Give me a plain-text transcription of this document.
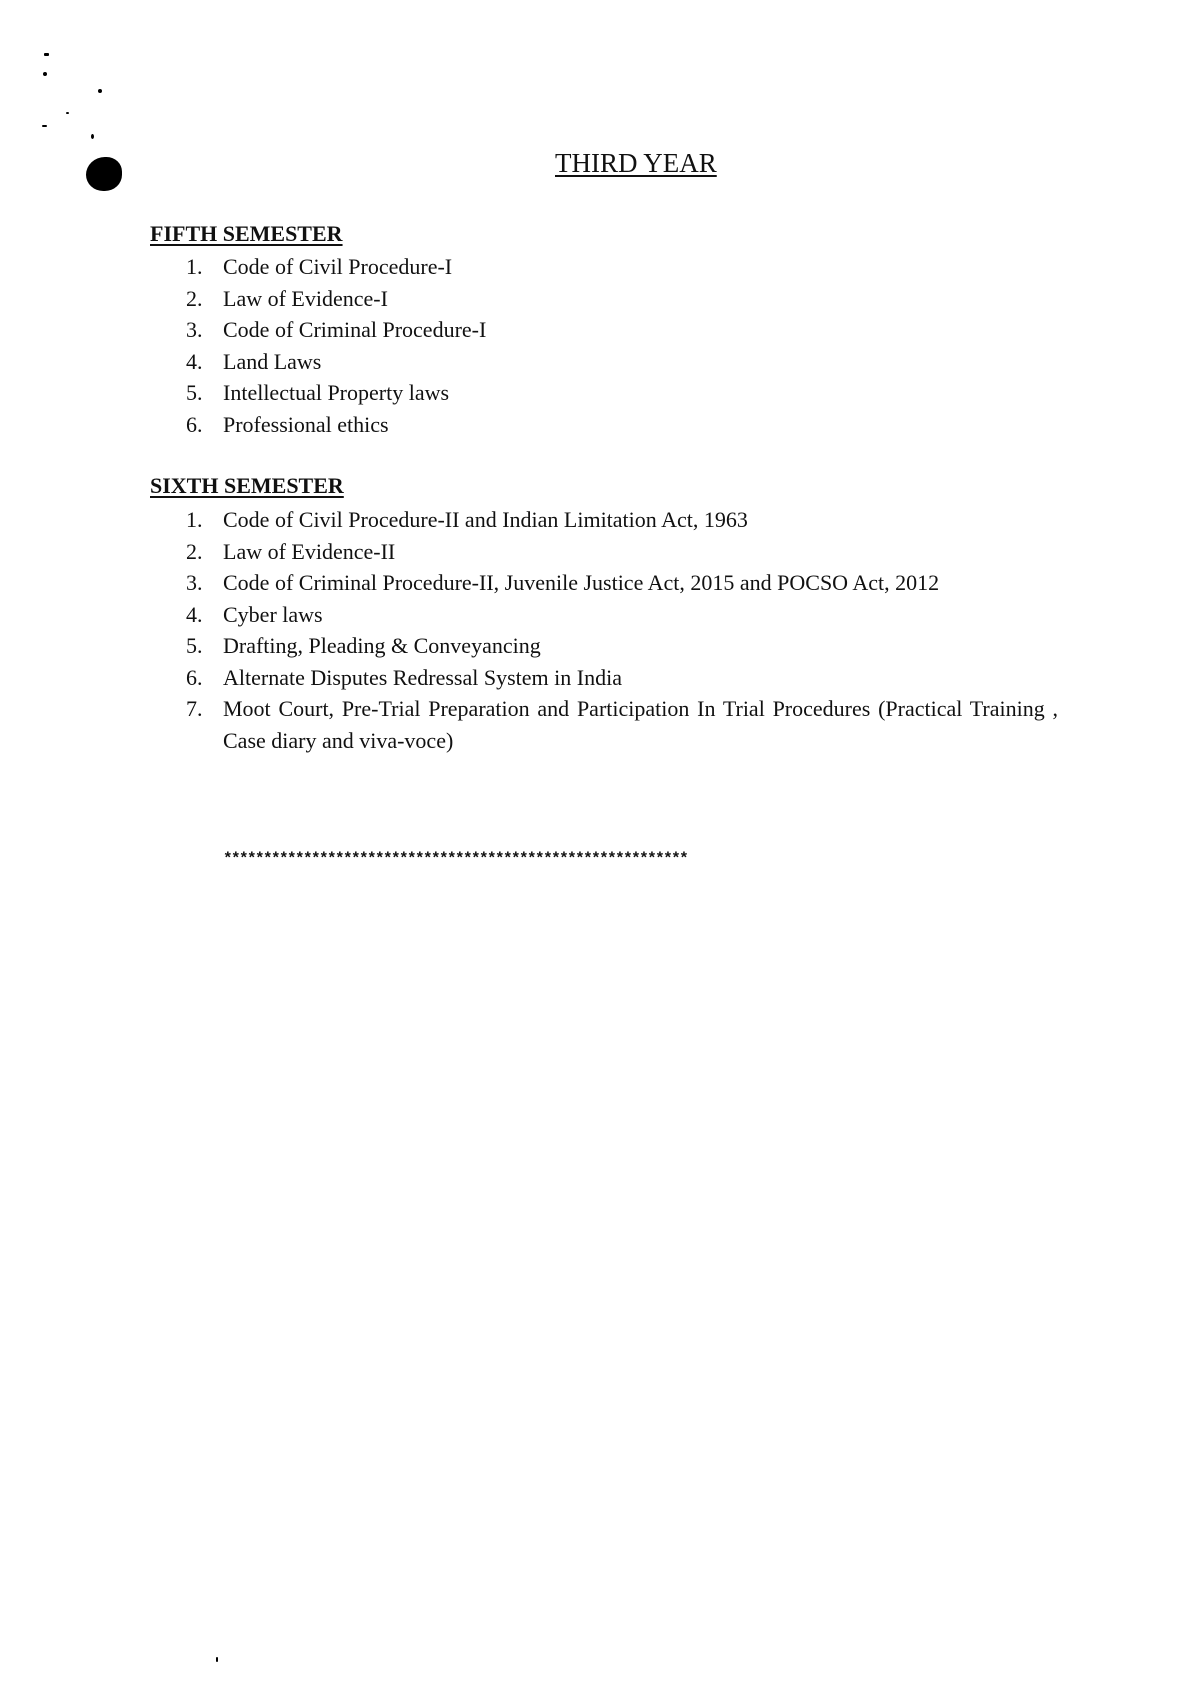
THIRD YEAR
FIFTH SEMESTER
1. Code of Civil Procedure-I
2. Law of Evidence-I
3. Code of Criminal Procedure-I
4. Land Laws
5. Intellectual Property laws
6. Professional ethics
SIXTH SEMESTER
1. Code of Civil Procedure-II and Indian Limitation Act, 1963
2. Law of Evidence-II
3. Code of Criminal Procedure-II, Juvenile Justice Act, 2015 and POCSO Act, 2012
4. Cyber laws
5. Drafting, Pleading & Conveyancing
6. Alternate Disputes Redressal System in India
7. Moot Court, Pre-Trial Preparation and Participation In Trial Procedures (Practical Training , Case diary and viva-voce)
**********************************************************
